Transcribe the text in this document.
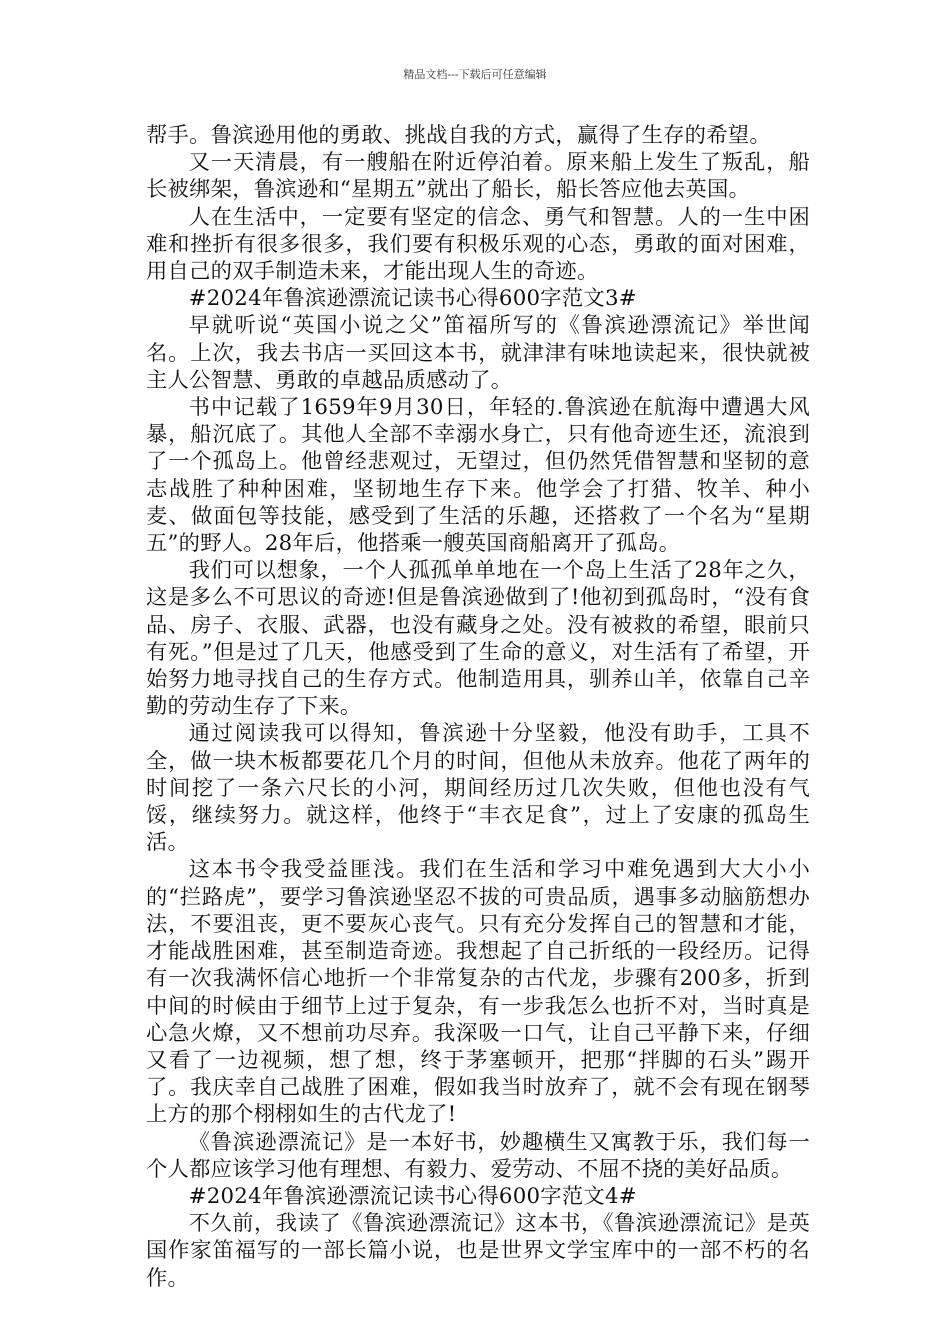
精品文档---下载后可任意编辑

帮手。鲁滨逊用他的勇敢、挑战自我的方式，赢得了生存的希望。

又一天清晨，有一艘船在附近停泊着。原来船上发生了叛乱，船长被绑架，鲁滨逊和“星期五”就出了船长，船长答应他去英国。

人在生活中，一定要有坚定的信念、勇气和智慧。人的一生中困难和挫折有很多很多，我们要有积极乐观的心态，勇敢的面对困难，用自己的双手制造未来，才能出现人生的奇迹。

#2024年鲁滨逊漂流记读书心得600字范文3#

早就听说“英国小说之父”笛福所写的《鲁滨逊漂流记》举世闻名。上次，我去书店一买回这本书，就津津有味地读起来，很快就被主人公智慧、勇敢的卓越品质感动了。

书中记载了1659年9月30日，年轻的.鲁滨逊在航海中遭遇大风暴，船沉底了。其他人全部不幸溺水身亡，只有他奇迹生还，流浪到了一个孤岛上。他曾经悲观过，无望过，但仍然凭借智慧和坚韧的意志战胜了种种困难，坚韧地生存下来。他学会了打猎、牧羊、种小麦、做面包等技能，感受到了生活的乐趣，还搭救了一个名为“星期五”的野人。28年后，他搭乘一艘英国商船离开了孤岛。

我们可以想象，一个人孤孤单单地在一个岛上生活了28年之久，这是多么不可思议的奇迹!但是鲁滨逊做到了!他初到孤岛时，“没有食品、房子、衣服、武器，也没有藏身之处。没有被救的希望，眼前只有死。”但是过了几天，他感受到了生命的意义，对生活有了希望，开始努力地寻找自己的生存方式。他制造用具，驯养山羊，依靠自己辛勤的劳动生存了下来。

通过阅读我可以得知，鲁滨逊十分坚毅，他没有助手，工具不全，做一块木板都要花几个月的时间，但他从未放弃。他花了两年的时间挖了一条六尺长的小河，期间经历过几次失败，但他也没有气馁，继续努力。就这样，他终于“丰衣足食”，过上了安康的孤岛生活。

这本书令我受益匪浅。我们在生活和学习中难免遇到大大小小的“拦路虎”，要学习鲁滨逊坚忍不拔的可贵品质，遇事多动脑筋想办法，不要沮丧，更不要灰心丧气。只有充分发挥自己的智慧和才能，才能战胜困难，甚至制造奇迹。我想起了自己折纸的一段经历。记得有一次我满怀信心地折一个非常复杂的古代龙，步骤有200多，折到中间的时候由于细节上过于复杂，有一步我怎么也折不对，当时真是心急火燎，又不想前功尽弃。我深吸一口气，让自己平静下来，仔细又看了一边视频，想了想，终于茅塞顿开，把那“拌脚的石头”踢开了。我庆幸自己战胜了困难，假如我当时放弃了，就不会有现在钢琴上方的那个栩栩如生的古代龙了!

《鲁滨逊漂流记》是一本好书，妙趣横生又寓教于乐，我们每一个人都应该学习他有理想、有毅力、爱劳动、不屈不挠的美好品质。

#2024年鲁滨逊漂流记读书心得600字范文4#

不久前，我读了《鲁滨逊漂流记》这本书，《鲁滨逊漂流记》是英国作家笛福写的一部长篇小说，也是世界文学宝库中的一部不朽的名作。
